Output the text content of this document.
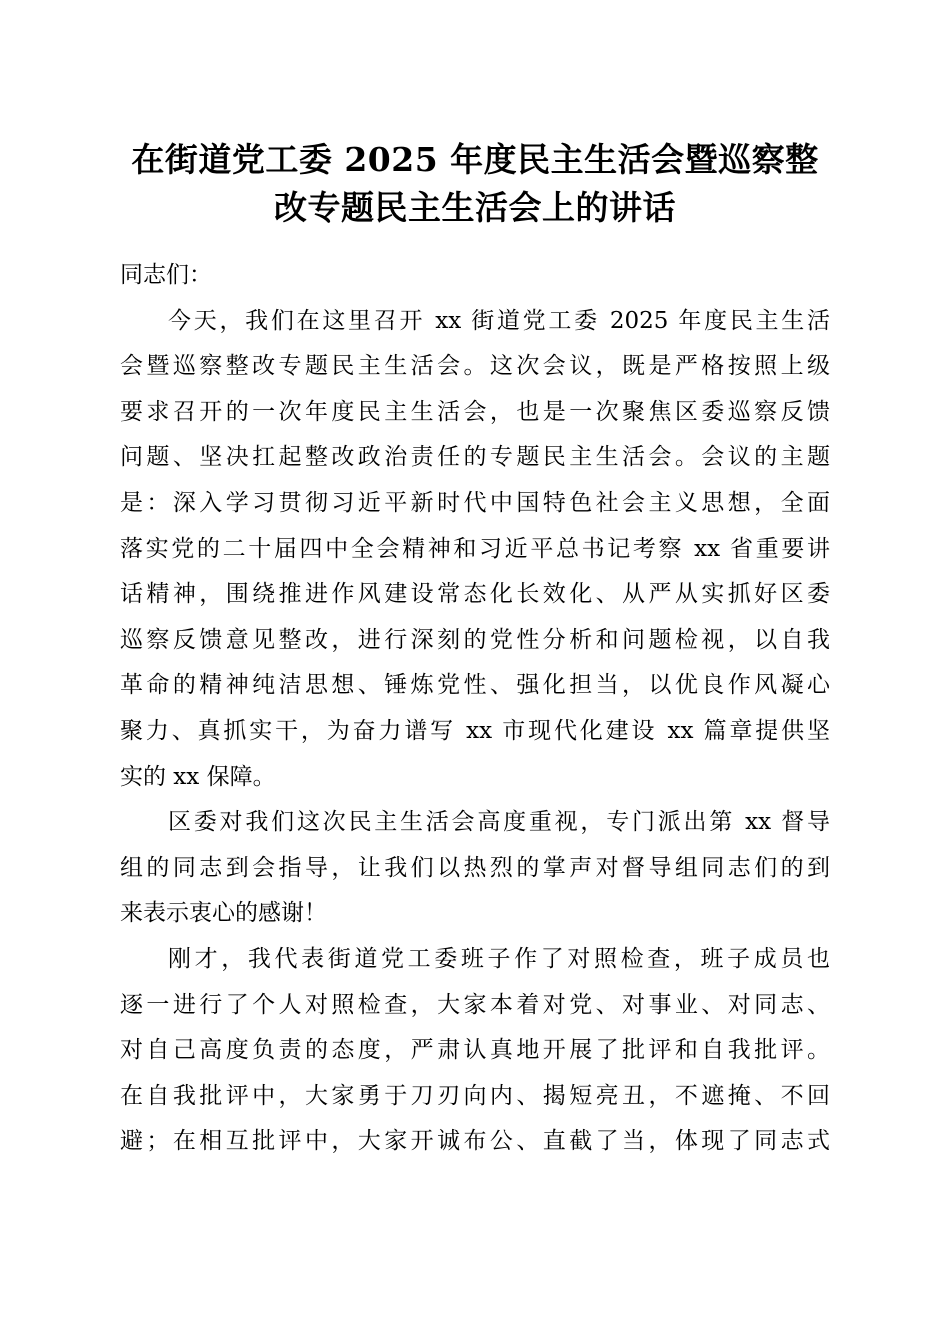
在街道党工委 2025 年度民主生活会暨巡察整
改专题民主生活会上的讲话
同志们：
今天，我们在这里召开 xx 街道党工委 2025 年度民主生活
会暨巡察整改专题民主生活会。这次会议，既是严格按照上级
要求召开的一次年度民主生活会，也是一次聚焦区委巡察反馈
问题、坚决扛起整改政治责任的专题民主生活会。会议的主题
是：深入学习贯彻习近平新时代中国特色社会主义思想，全面
落实党的二十届四中全会精神和习近平总书记考察 xx 省重要讲
话精神，围绕推进作风建设常态化长效化、从严从实抓好区委
巡察反馈意见整改，进行深刻的党性分析和问题检视，以自我
革命的精神纯洁思想、锤炼党性、强化担当，以优良作风凝心
聚力、真抓实干，为奋力谱写 xx 市现代化建设 xx 篇章提供坚
实的 xx 保障。
区委对我们这次民主生活会高度重视，专门派出第 xx 督导
组的同志到会指导，让我们以热烈的掌声对督导组同志们的到
来表示衷心的感谢！
刚才，我代表街道党工委班子作了对照检查，班子成员也
逐一进行了个人对照检查，大家本着对党、对事业、对同志、
对自己高度负责的态度，严肃认真地开展了批评和自我批评。
在自我批评中，大家勇于刀刃向内、揭短亮丑，不遮掩、不回
避；在相互批评中，大家开诚布公、直截了当，体现了同志式
